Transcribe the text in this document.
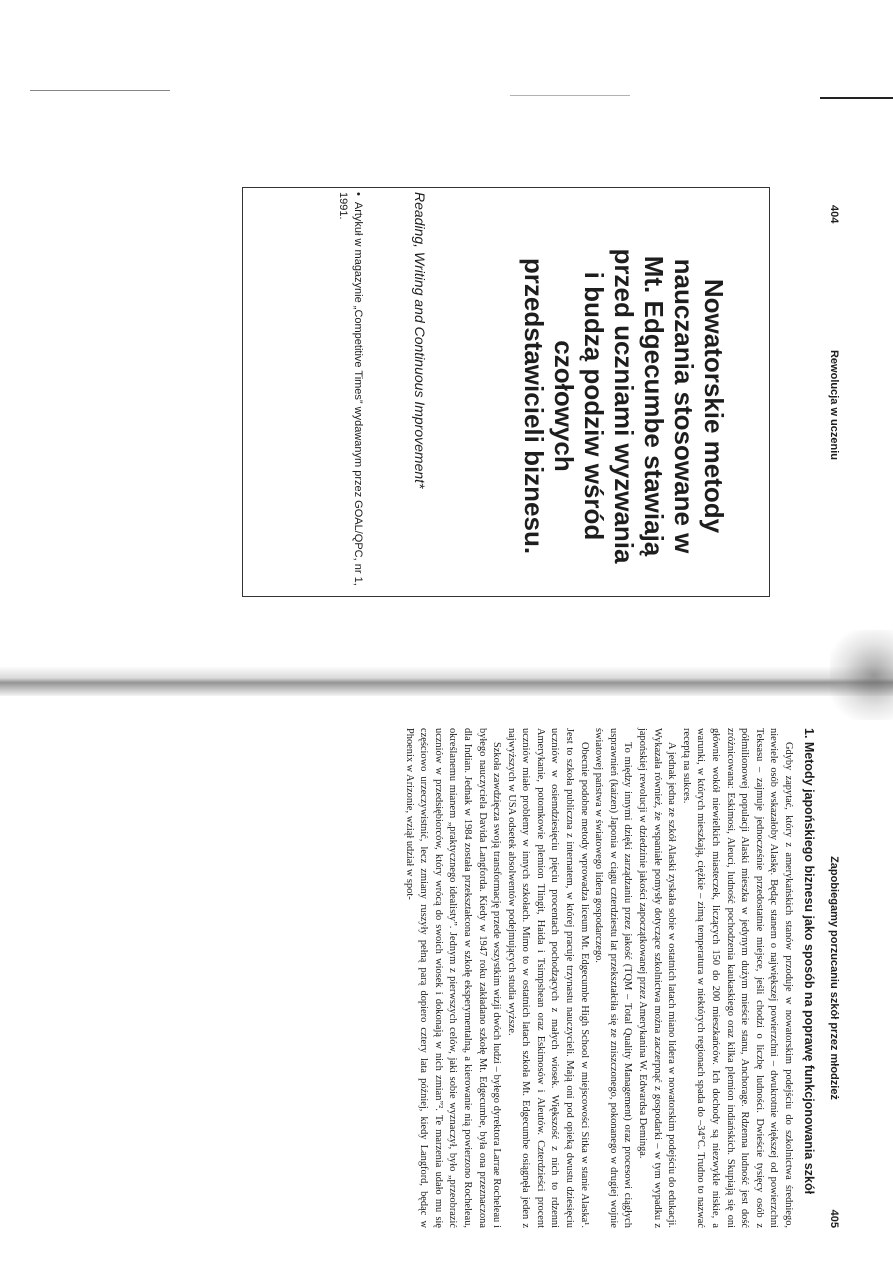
404
Rewolucja w uczeniu
Nowatorskie metody nauczania stosowane w Mt. Edgecumbe stawiają przed uczniami wyzwania i budzą podziw wśród czołowych przedstawicieli biznesu.
Reading, Writing and Continuous Improvement*
•Artykuł w magazynie „Competitive Times” wydawanym przez GOAL/QPC, nr 1, 1991.
Zapobiegamy porzucaniu szkół przez młodzież
405
1. Metody japońskiego biznesu jako sposób na poprawę funkcjonowania szkół

Gdyby zapytać, który z amerykańskich stanów przoduje w nowatorskim podejściu do szkolnictwa średniego, niewiele osób wskazałoby Alaskę. Będąc stanem o największej powierzchni – dwukrotnie większej od powierzchni Teksasu – zajmuje jednocześnie przedostatnie miejsce, jeśli chodzi o liczbę ludności. Dwieście tysięcy osób z półmilionowej populacji Alaski mieszka w jedynym dużym mieście stanu, Anchorage. Rdzenna ludność jest dość zróżnicowana: Eskimosi, Aleuci, ludność pochodzenia kaukaskiego oraz kilka plemion indiańskich. Skupiają się oni głównie wokół niewielkich miasteczek, liczących 150 do 200 mieszkańców. Ich dochody są niezwykle niskie, a warunki, w których mieszkają, ciężkie – zimą temperatura w niektórych regionach spada do –34°C. Trudno to nazwać receptą na sukces.

A jednak jedna ze szkół Alaski zyskała sobie w ostatnich latach miano lidera w nowatorskim podejściu do edukacji. Wykazała również, że wspaniałe pomysły dotyczące szkolnictwa można zaczerpnąć z gospodarki – w tym wypadku z japońskiej rewolucji w dziedzinie jakości zapoczątkowanej przez Amerykanina W. Edwardsa Deminga.

To między innymi dzięki zarządzaniu przez jakość (TQM – Total Quality Management) oraz procesowi ciągłych usprawnień (kaizen) Japonia w ciągu czterdziestu lat przekształciła się ze zniszczonego, pokonanego w drugiej wojnie światowej państwa w światowego lidera gospodarczego.

Obecnie podobne metody wprowadza liceum Mt. Edgecumbe High School w miejscowości Sitka w stanie Alaska¹. Jest to szkoła publiczna z internatem, w której pracuje trzynastu nauczycieli. Mają oni pod opieką dwustu dziesięciu uczniów w osiemdziesięciu pięciu procentach pochodzących z małych wiosek. Większość z nich to rdzenni Amerykanie, potomkowie plemion Tlingit, Haida i Tsimpshean oraz Eskimosów i Aleutów. Czterdzieści procent uczniów miało problemy w innych szkołach. Mimo to w ostatnich latach szkoła Mt. Edgecumbe osiągnęła jeden z najwyższych w USA odsetek absolwentów podejmujących studia wyższe.

Szkoła zawdzięcza swoją transformację przede wszystkim wizji dwóch ludzi – byłego dyrektora Larrae Rocheleau i byłego nauczyciela Davida Langforda. Kiedy w 1947 roku zakładano szkołę Mt. Edgecumbe, była ona przeznaczona dla Indian. Jednak w 1984 została przekształcona w szkołę eksperymentalną, a kierowanie nią powierzono Rocheleau, określanemu mianem „praktycznego idealisty”. Jednym z pierwszych celów, jaki sobie wyznaczył, było „przeobrazić uczniów w przedsiębiorców, który wrócą do swoich wiosek i dokonają w nich zmian”². Te marzenia udało mu się częściowo urzeczywistnić, lecz zmiany ruszyły pełną parą dopiero cztery lata później, kiedy Langford, będąc w Phoenix w Arizonie, wziął udział w spot-
